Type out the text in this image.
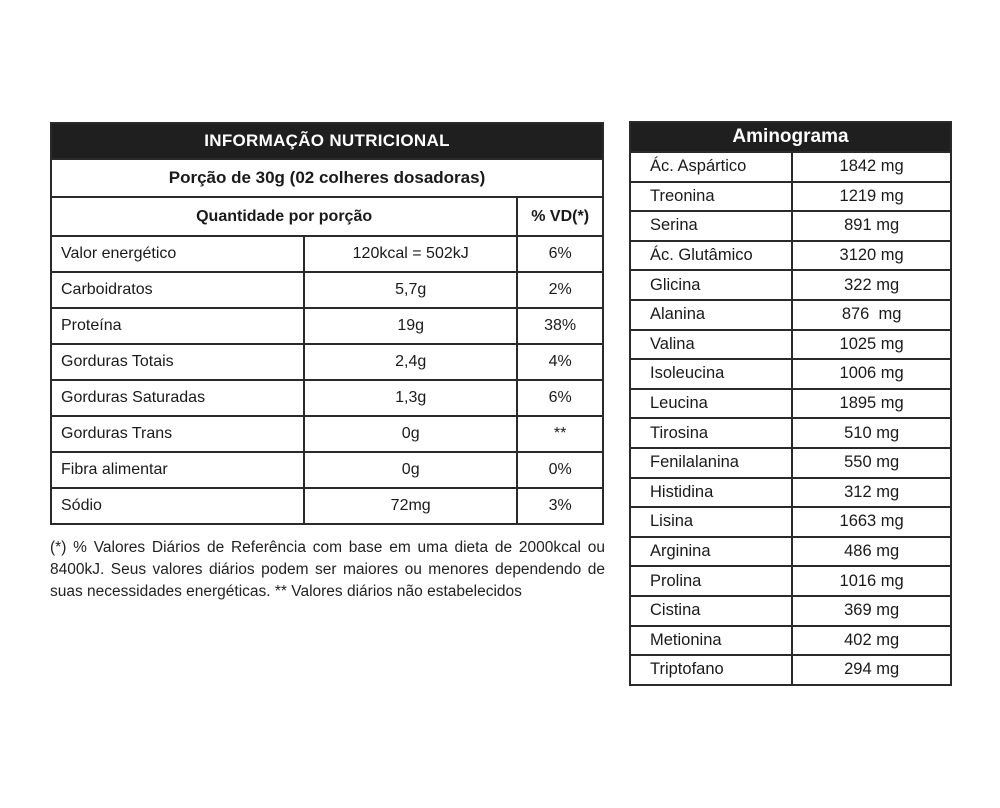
INFORMAÇÃO NUTRICIONAL		
Porção de 30g (02 colheres dosadoras)		
Quantidade por porção		% VD(*)
Valor energético	120kcal = 502kJ	6%
Carboidratos	5,7g	2%
Proteína	19g	38%
Gorduras Totais	2,4g	4%
Gorduras Saturadas	1,3g	6%
Gorduras Trans	0g	**
Fibra alimentar	0g	0%
Sódio	72mg	3%
(*) % Valores Diários de Referência com base em uma dieta de 2000kcal ou 8400kJ. Seus valores diários podem ser maiores ou menores dependendo de suas necessidades energéticas. ** Valores diários não estabelecidos
Aminograma	
Ác. Aspártico	1842 mg
Treonina	1219 mg
Serina	891 mg
Ác. Glutâmico	3120 mg
Glicina	322 mg
Alanina	876  mg
Valina	1025 mg
Isoleucina	1006 mg
Leucina	1895 mg
Tirosina	510 mg
Fenilalanina	550 mg
Histidina	312 mg
Lisina	1663 mg
Arginina	486 mg
Prolina	1016 mg
Cistina	369 mg
Metionina	402 mg
Triptofano	294 mg
